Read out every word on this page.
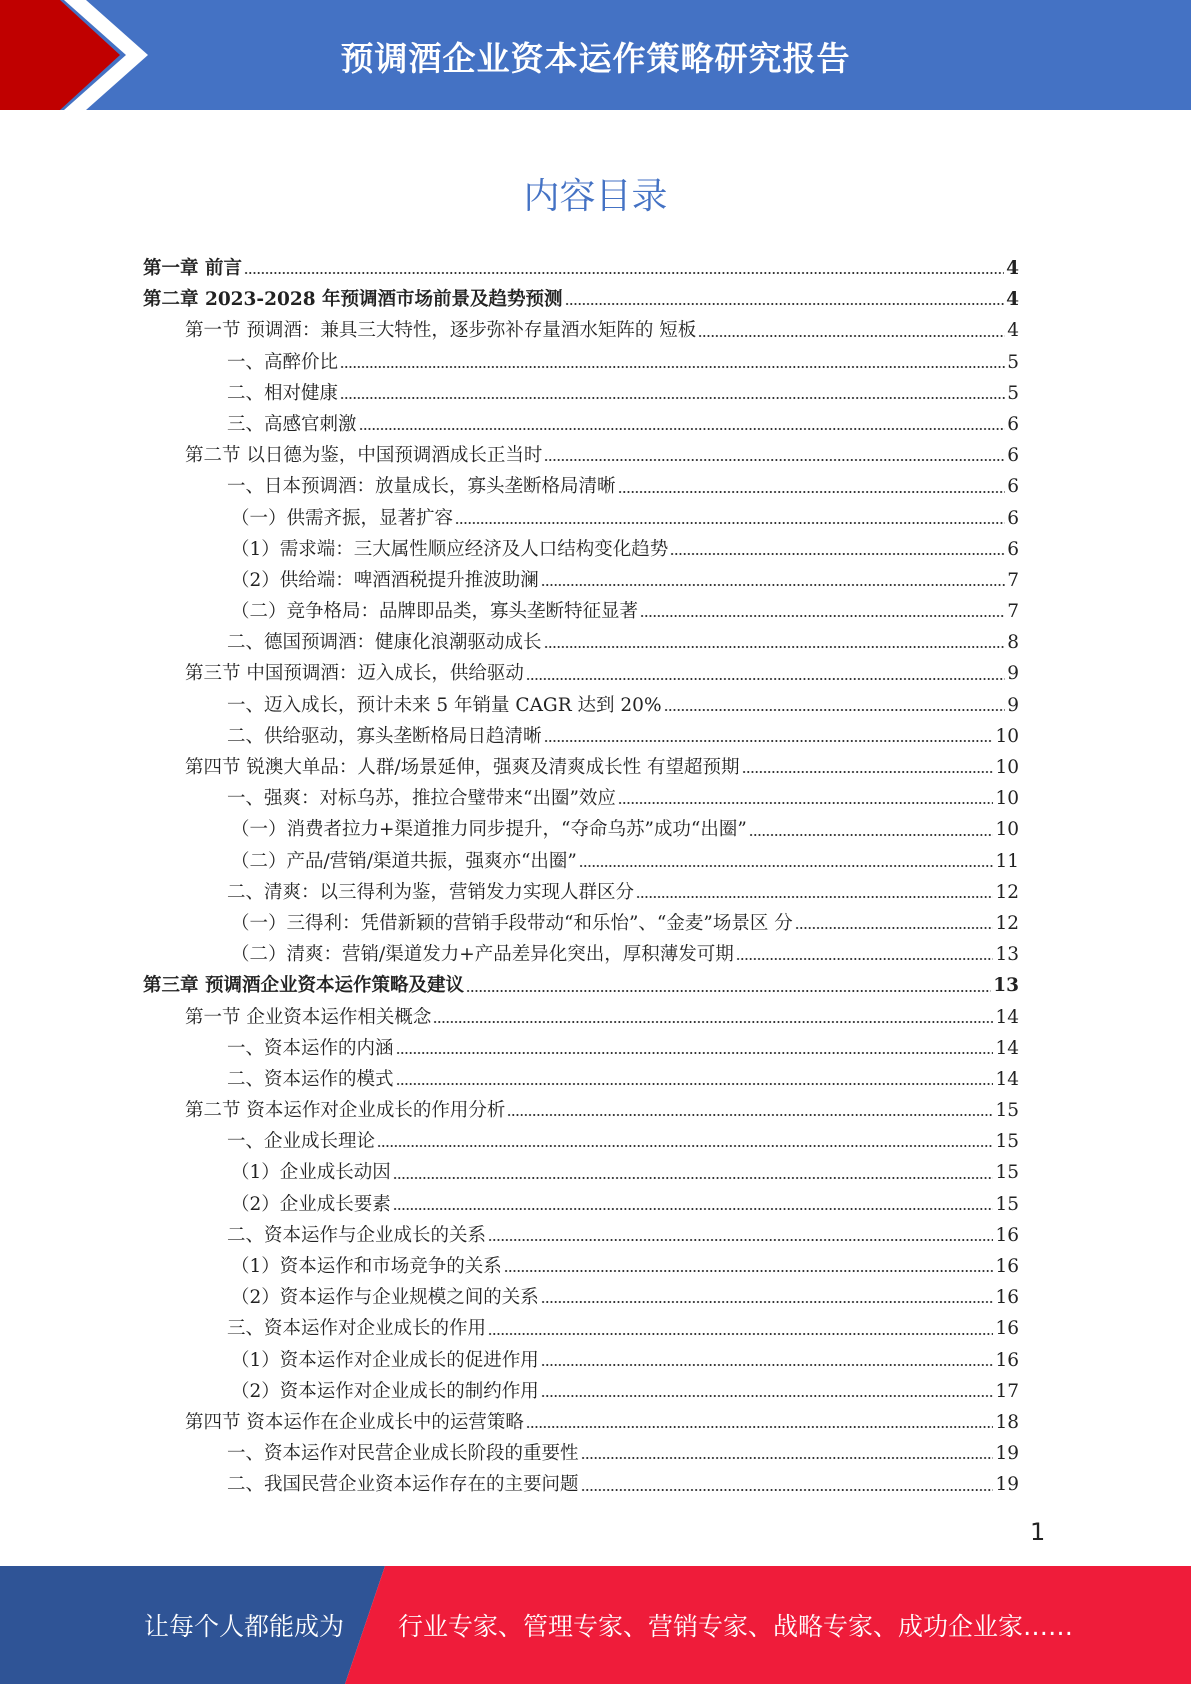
预调酒企业资本运作策略研究报告
内容目录
第一章 前言	4
第二章 2023-2028 年预调酒市场前景及趋势预测	4
第一节 预调酒：兼具三大特性，逐步弥补存量酒水矩阵的 短板	4
一、高醉价比	5
二、相对健康	5
三、高感官刺激	6
第二节 以日德为鉴，中国预调酒成长正当时	6
一、日本预调酒：放量成长，寡头垄断格局清晰	6
（一）供需齐振，显著扩容	6
（1）需求端：三大属性顺应经济及人口结构变化趋势	6
（2）供给端：啤酒酒税提升推波助澜	7
（二）竞争格局：品牌即品类，寡头垄断特征显著	7
二、德国预调酒：健康化浪潮驱动成长	8
第三节 中国预调酒：迈入成长，供给驱动	9
一、迈入成长，预计未来 5 年销量 CAGR 达到 20%	9
二、供给驱动，寡头垄断格局日趋清晰	10
第四节 锐澳大单品：人群/场景延伸，强爽及清爽成长性 有望超预期	10
一、强爽：对标乌苏，推拉合璧带来“出圈”效应	10
（一）消费者拉力+渠道推力同步提升，“夺命乌苏”成功“出圈”	10
（二）产品/营销/渠道共振，强爽亦“出圈”	11
二、清爽：以三得利为鉴，营销发力实现人群区分	12
（一）三得利：凭借新颖的营销手段带动“和乐怡”、“金麦”场景区 分	12
（二）清爽：营销/渠道发力+产品差异化突出，厚积薄发可期	13
第三章 预调酒企业资本运作策略及建议	13
第一节 企业资本运作相关概念	14
一、资本运作的内涵	14
二、资本运作的模式	14
第二节 资本运作对企业成长的作用分析	15
一、企业成长理论	15
（1）企业成长动因	15
（2）企业成长要素	15
二、资本运作与企业成长的关系	16
（1）资本运作和市场竞争的关系	16
（2）资本运作与企业规模之间的关系	16
三、资本运作对企业成长的作用	16
（1）资本运作对企业成长的促进作用	16
（2）资本运作对企业成长的制约作用	17
第四节 资本运作在企业成长中的运营策略	18
一、资本运作对民营企业成长阶段的重要性	19
二、我国民营企业资本运作存在的主要问题	19
1
让每个人都能成为 行业专家、管理专家、营销专家、战略专家、成功企业家……
